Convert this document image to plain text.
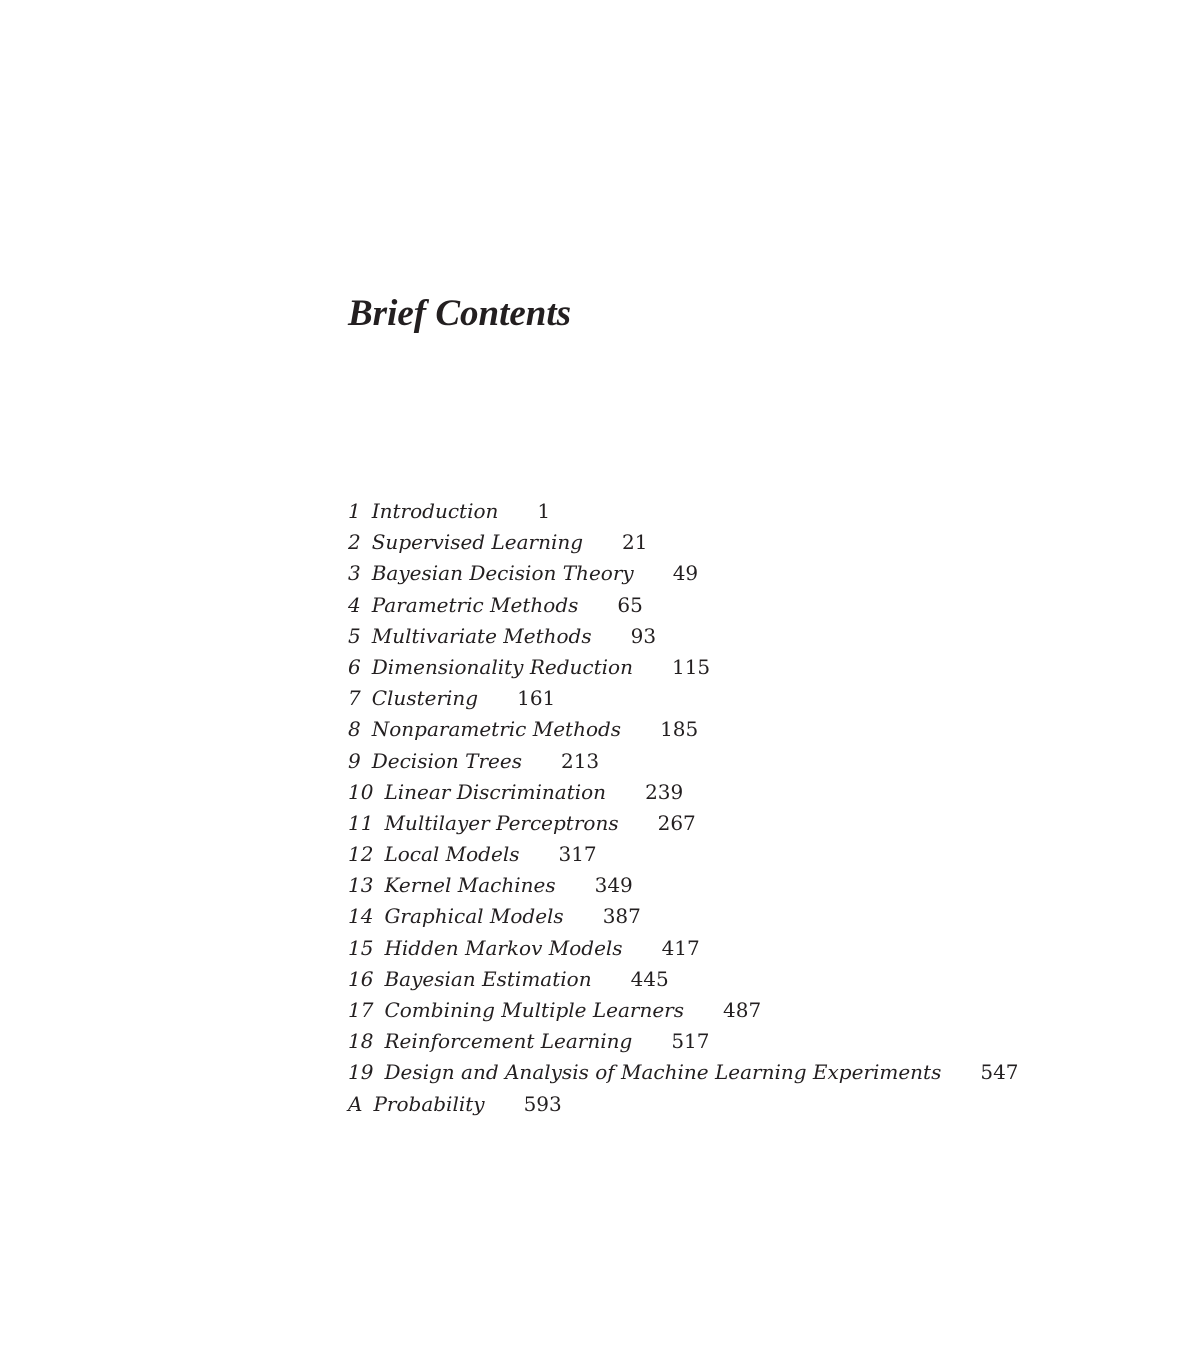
Brief Contents
1 Introduction 1
2 Supervised Learning 21
3 Bayesian Decision Theory 49
4 Parametric Methods 65
5 Multivariate Methods 93
6 Dimensionality Reduction 115
7 Clustering 161
8 Nonparametric Methods 185
9 Decision Trees 213
10 Linear Discrimination 239
11 Multilayer Perceptrons 267
12 Local Models 317
13 Kernel Machines 349
14 Graphical Models 387
15 Hidden Markov Models 417
16 Bayesian Estimation 445
17 Combining Multiple Learners 487
18 Reinforcement Learning 517
19 Design and Analysis of Machine Learning Experiments 547
A Probability 593
